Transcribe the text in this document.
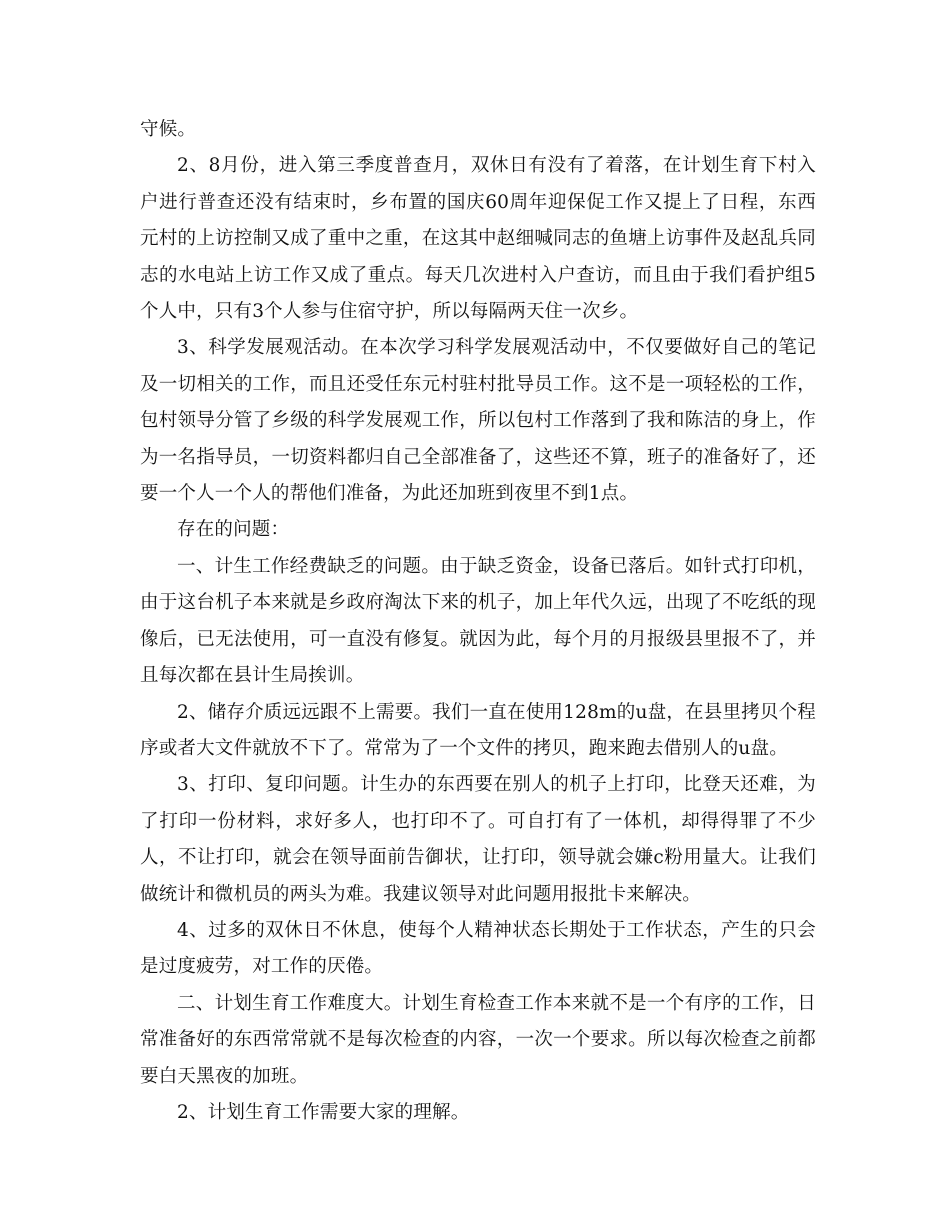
守候。

2、8月份，进入第三季度普查月，双休日有没有了着落，在计划生育下村入户进行普查还没有结束时，乡布置的国庆60周年迎保促工作又提上了日程，东西元村的上访控制又成了重中之重，在这其中赵细喊同志的鱼塘上访事件及赵乱兵同志的水电站上访工作又成了重点。每天几次进村入户查访，而且由于我们看护组5个人中，只有3个人参与住宿守护，所以每隔两天住一次乡。

3、科学发展观活动。在本次学习科学发展观活动中，不仅要做好自己的笔记及一切相关的工作，而且还受任东元村驻村批导员工作。这不是一项轻松的工作，包村领导分管了乡级的科学发展观工作，所以包村工作落到了我和陈洁的身上，作为一名指导员，一切资料都归自己全部准备了，这些还不算，班子的准备好了，还要一个人一个人的帮他们准备，为此还加班到夜里不到1点。

存在的问题：

一、计生工作经费缺乏的问题。由于缺乏资金，设备已落后。如针式打印机，由于这台机子本来就是乡政府淘汰下来的机子，加上年代久远，出现了不吃纸的现像后，已无法使用，可一直没有修复。就因为此，每个月的月报级县里报不了，并且每次都在县计生局挨训。

2、储存介质远远跟不上需要。我们一直在使用128m的u盘，在县里拷贝个程序或者大文件就放不下了。常常为了一个文件的拷贝，跑来跑去借别人的u盘。

3、打印、复印问题。计生办的东西要在别人的机子上打印，比登天还难，为了打印一份材料，求好多人，也打印不了。可自打有了一体机，却得得罪了不少人，不让打印，就会在领导面前告御状，让打印，领导就会嫌c粉用量大。让我们做统计和微机员的两头为难。我建议领导对此问题用报批卡来解决。

4、过多的双休日不休息，使每个人精神状态长期处于工作状态，产生的只会是过度疲劳，对工作的厌倦。

二、计划生育工作难度大。计划生育检查工作本来就不是一个有序的工作，日常准备好的东西常常就不是每次检查的内容，一次一个要求。所以每次检查之前都要白天黑夜的加班。

2、计划生育工作需要大家的理解。
